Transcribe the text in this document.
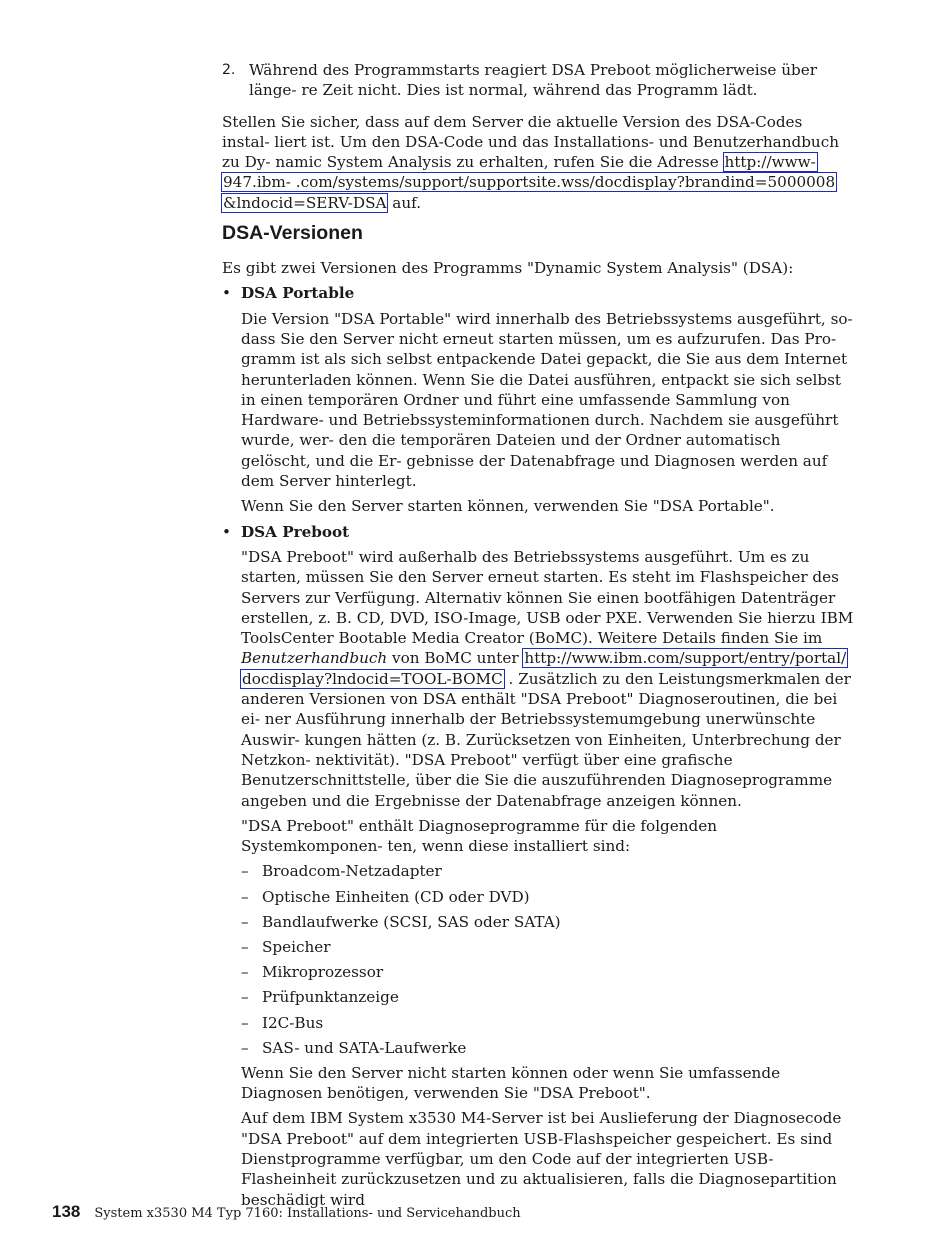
2. Während des Programmstarts reagiert DSA Preboot möglicherweise über länge- re Zeit nicht. Dies ist normal, während das Programm lädt.

Stellen Sie sicher, dass auf dem Server die aktuelle Version des DSA-Codes instal- liert ist. Um den DSA-Code und das Installations- und Benutzerhandbuch zu Dy- namic System Analysis zu erhalten, rufen Sie die Adresse http://www-947.ibm- .com/systems/support/supportsite.wss/docdisplay?brandind=5000008 &lndocid=SERV-DSA auf.

DSA-Versionen

Es gibt zwei Versionen des Programms "Dynamic System Analysis" (DSA):

• DSA Portable

Die Version "DSA Portable" wird innerhalb des Betriebssystems ausgeführt, so- dass Sie den Server nicht erneut starten müssen, um es aufzurufen. Das Pro- gramm ist als sich selbst entpackende Datei gepackt, die Sie aus dem Internet herunterladen können. Wenn Sie die Datei ausführen, entpackt sie sich selbst in einen temporären Ordner und führt eine umfassende Sammlung von Hardware- und Betriebssysteminformationen durch. Nachdem sie ausgeführt wurde, wer- den die temporären Dateien und der Ordner automatisch gelöscht, und die Er- gebnisse der Datenabfrage und Diagnosen werden auf dem Server hinterlegt.

Wenn Sie den Server starten können, verwenden Sie "DSA Portable".

• DSA Preboot

"DSA Preboot" wird außerhalb des Betriebssystems ausgeführt. Um es zu starten, müssen Sie den Server erneut starten. Es steht im Flashspeicher des Servers zur Verfügung. Alternativ können Sie einen bootfähigen Datenträger erstellen, z. B. CD, DVD, ISO-Image, USB oder PXE. Verwenden Sie hierzu IBM ToolsCenter Bootable Media Creator (BoMC). Weitere Details finden Sie im Benutzerhandbuch von BoMC unter http://www.ibm.com/support/entry/portal/ docdisplay?lndocid=TOOL-BOMC . Zusätzlich zu den Leistungsmerkmalen der anderen Versionen von DSA enthält "DSA Preboot" Diagnoseroutinen, die bei ei- ner Ausführung innerhalb der Betriebssystemumgebung unerwünschte Auswir- kungen hätten (z. B. Zurücksetzen von Einheiten, Unterbrechung der Netzkon- nektivität). "DSA Preboot" verfügt über eine grafische Benutzerschnittstelle, über die Sie die auszuführenden Diagnoseprogramme angeben und die Ergebnisse der Datenabfrage anzeigen können.

"DSA Preboot" enthält Diagnoseprogramme für die folgenden Systemkomponen- ten, wenn diese installiert sind:

– Broadcom-Netzadapter
– Optische Einheiten (CD oder DVD)
– Bandlaufwerke (SCSI, SAS oder SATA)
– Speicher
– Mikroprozessor
– Prüfpunktanzeige
– I2C-Bus
– SAS- und SATA-Laufwerke

Wenn Sie den Server nicht starten können oder wenn Sie umfassende Diagnosen benötigen, verwenden Sie "DSA Preboot".

Auf dem IBM System x3530 M4-Server ist bei Auslieferung der Diagnosecode "DSA Preboot" auf dem integrierten USB-Flashspeicher gespeichert. Es sind Dienstprogramme verfügbar, um den Code auf der integrierten USB-Flasheinheit zurückzusetzen und zu aktualisieren, falls die Diagnosepartition beschädigt wird

138 System x3530 M4 Typ 7160: Installations- und Servicehandbuch
